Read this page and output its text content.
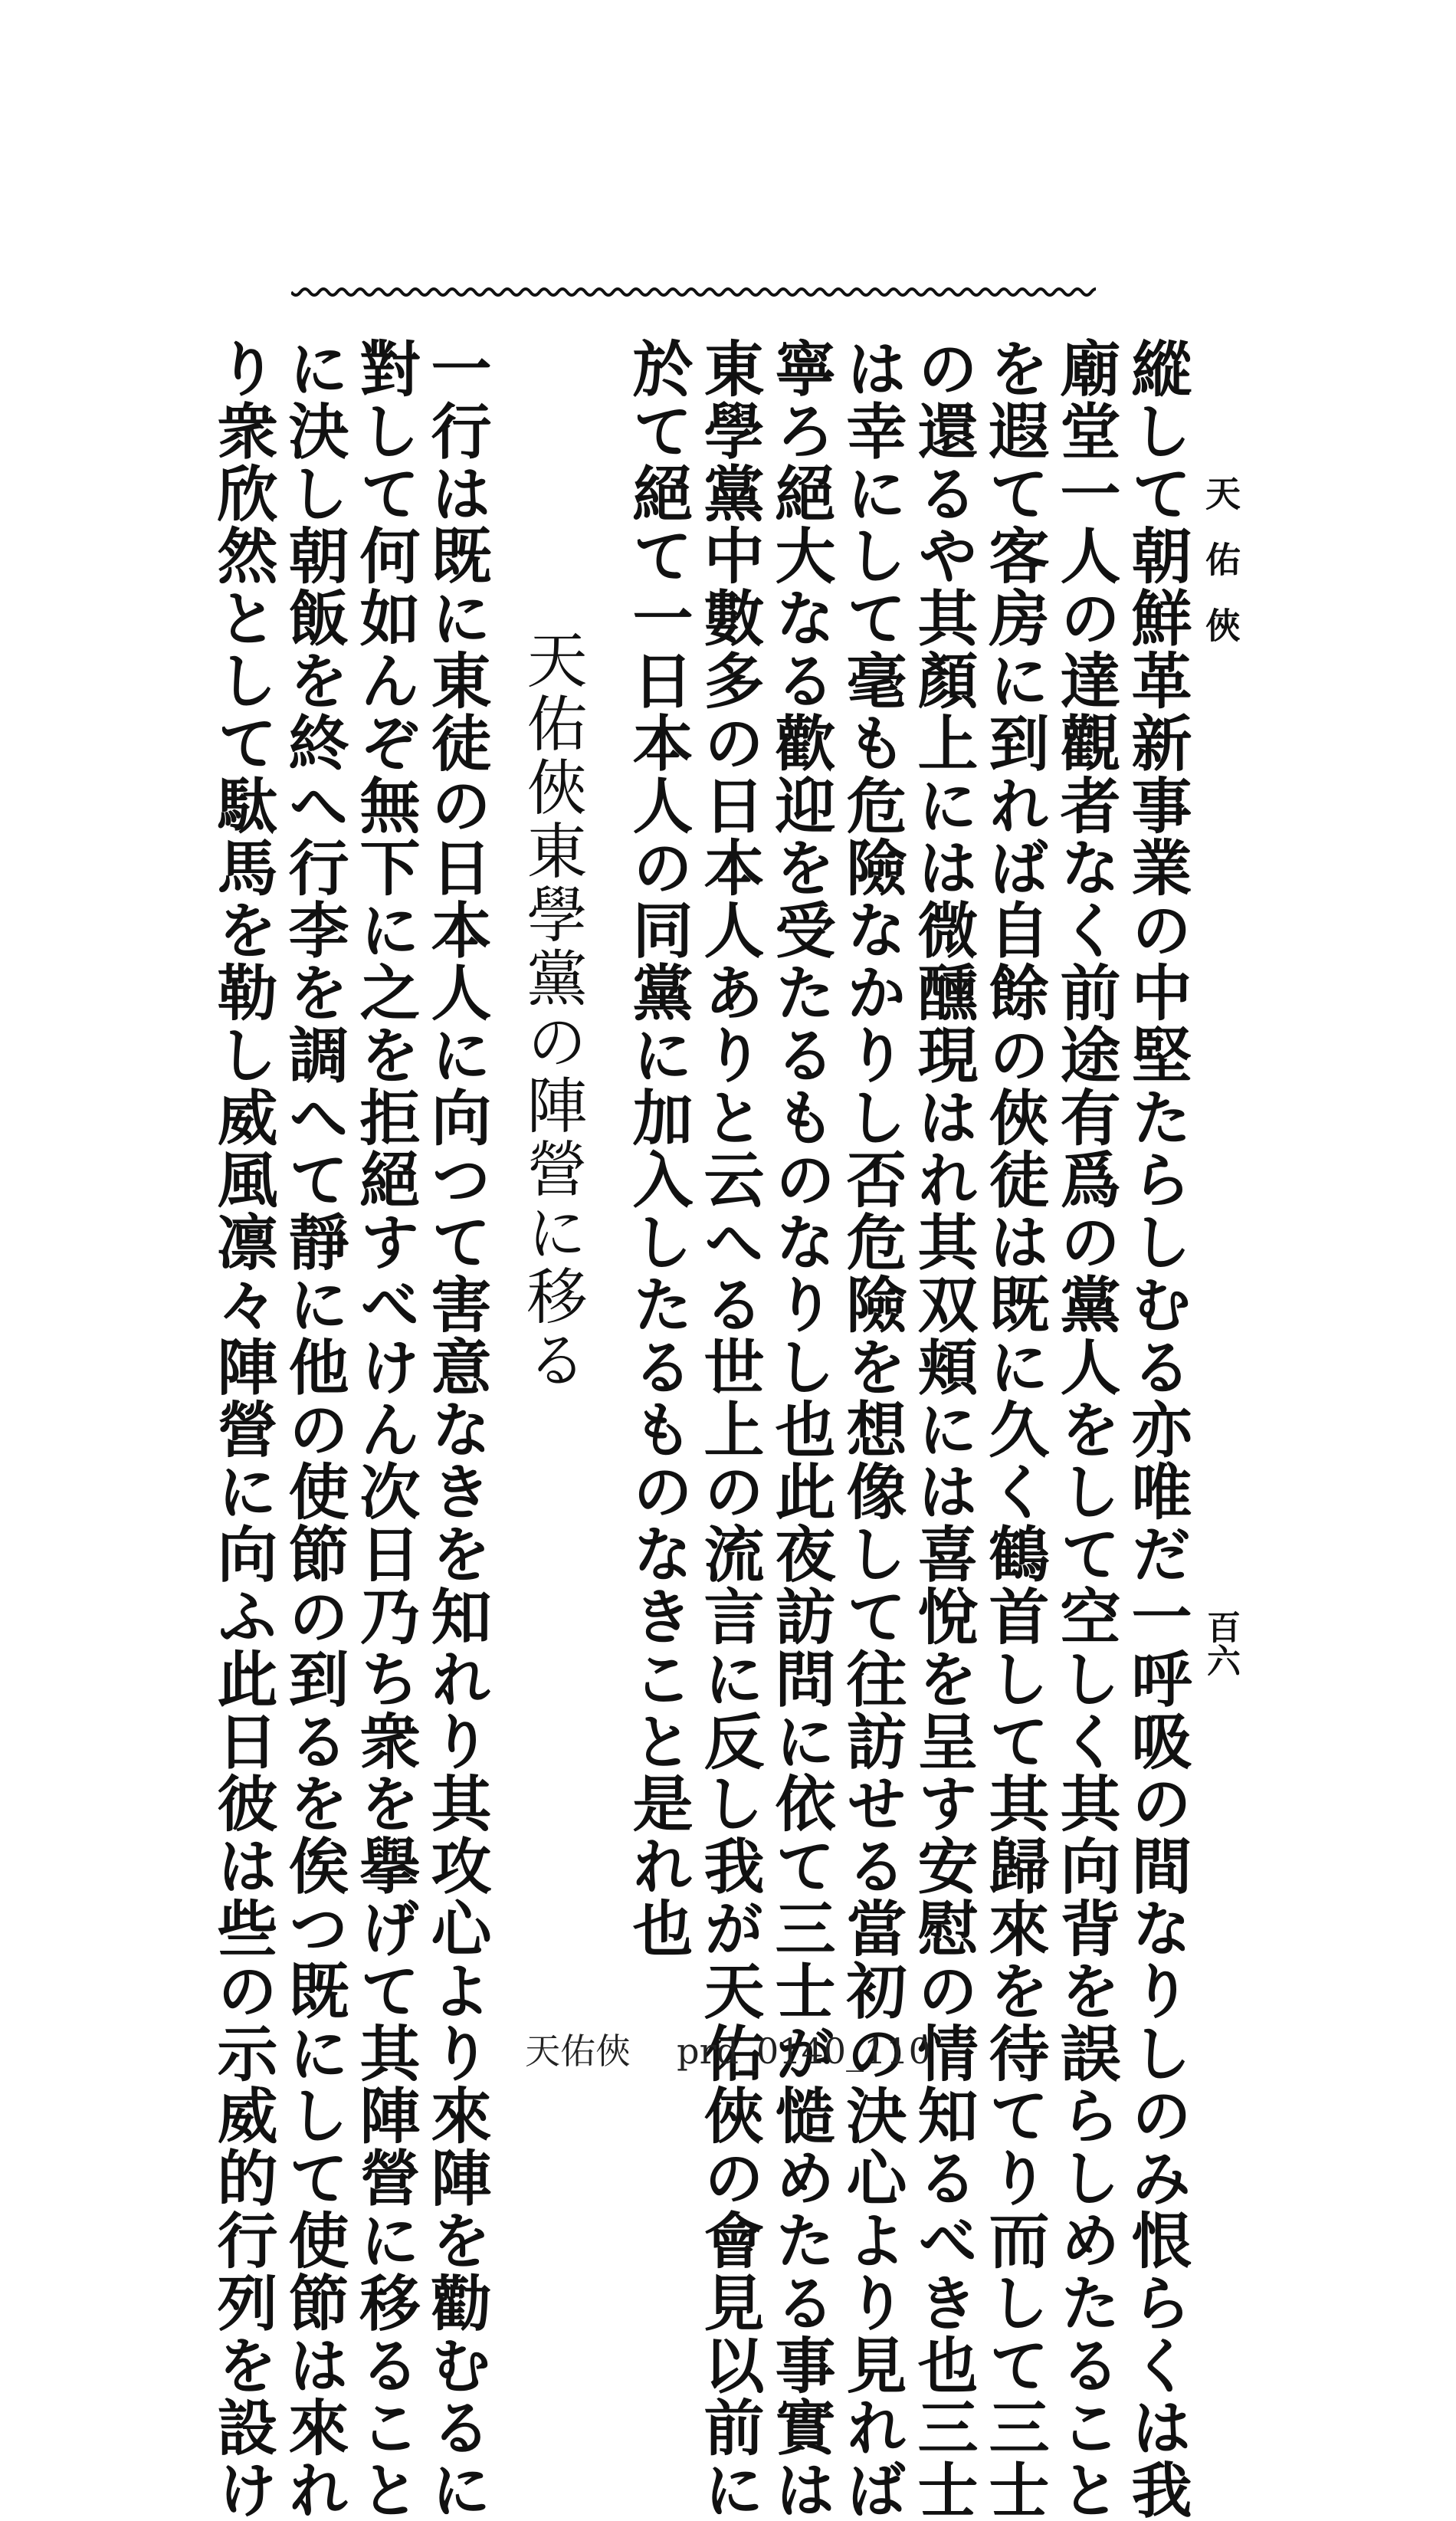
天佑俠
百六
縱して朝鮮革新事業の中堅たらしむる亦唯だ一呼吸の間なりしのみ恨らくは我
廟堂一人の達觀者なく前途有爲の黨人をして空しく其向背を誤らしめたること
を遐て客房に到れば自餘の俠徒は既に久く鶴首して其歸來を待てり而して三士
の還るや其顏上には微醺現はれ其双頬には喜悅を呈す安慰の情知るべき也三士
は幸にして毫も危險なかりし否危險を想像して往訪せる當初の決心より見れば
寧ろ絕大なる歡迎を受たるものなりし也此夜訪問に依て三士が慥めたる事實は
東學黨中數多の日本人ありと云へる世上の流言に反し我が天佑俠の會見以前に
於て絕て一日本人の同黨に加入したるものなきこと是れ也
天佑俠東學黨の陣營に移る
一行は既に東徒の日本人に向つて害意なきを知れり其攻心より來陣を勸むるに
對して何如んぞ無下に之を拒絕すべけん次日乃ち衆を擧げて其陣營に移ること
に決し朝飯を終へ行李を調へて靜に他の使節の到るを俟つ既にして使節は來れ
り衆欣然として駄馬を勒し威風凛々陣營に向ふ此日彼は些の示威的行列を設け	天佑俠 prd_0140_110
